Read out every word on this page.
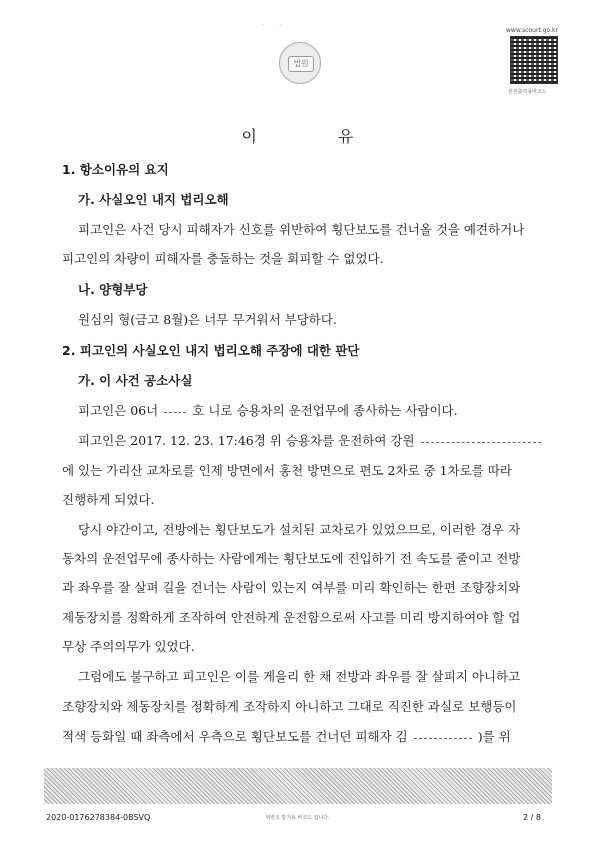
·        ·
법원
www.scourt.go.kr
원본출력용바코드
이 유
1. 항소이유의 요지
가. 사실오인 내지 법리오해
피고인은 사건 당시 피해자가 신호를 위반하여 횡단보도를 건너올 것을 예견하거나
피고인의 차량이 피해자를 충돌하는 것을 회피할 수 없었다.
나. 양형부당
원심의 형(금고 8월)은 너무 무거워서 부당하다.
2. 피고인의 사실오인 내지 법리오해 주장에 대한 판단
가. 이 사건 공소사실
피고인은 06너	호 니로 승용차의 운전업무에 종사하는 사람이다.
피고인은 2017. 12. 23. 17:46경 위 승용차를 운전하여 강원
에 있는 가리산 교차로를 인제 방면에서 홍천 방면으로 편도 2차로 중 1차로를 따라
진행하게 되었다.
당시 야간이고, 전방에는 횡단보도가 설치된 교차로가 있었으므로, 이러한 경우 자
동차의 운전업무에 종사하는 사람에게는 횡단보도에 진입하기 전 속도를 줄이고 전방
과 좌우를 잘 살펴 길을 건너는 사람이 있는지 여부를 미리 확인하는 한편 조향장치와
제동장치를 정확하게 조작하여 안전하게 운전함으로써 사고를 미리 방지하여야 할 업
무상 주의의무가 있었다.
그럼에도 불구하고 피고인은 이를 게을리 한 채 전방과 좌우를 잘 살피지 아니하고
조향장치와 제동장치를 정확하게 조작하지 아니하고 그대로 직진한 과실로 보행등이
적색 등화일 때 좌측에서 우측으로 횡단보도를 건너던 피해자 김	)를 위
2020-0176278384-0BSVQ	위변조 방지용 바코드 입니다.	2 / 8
